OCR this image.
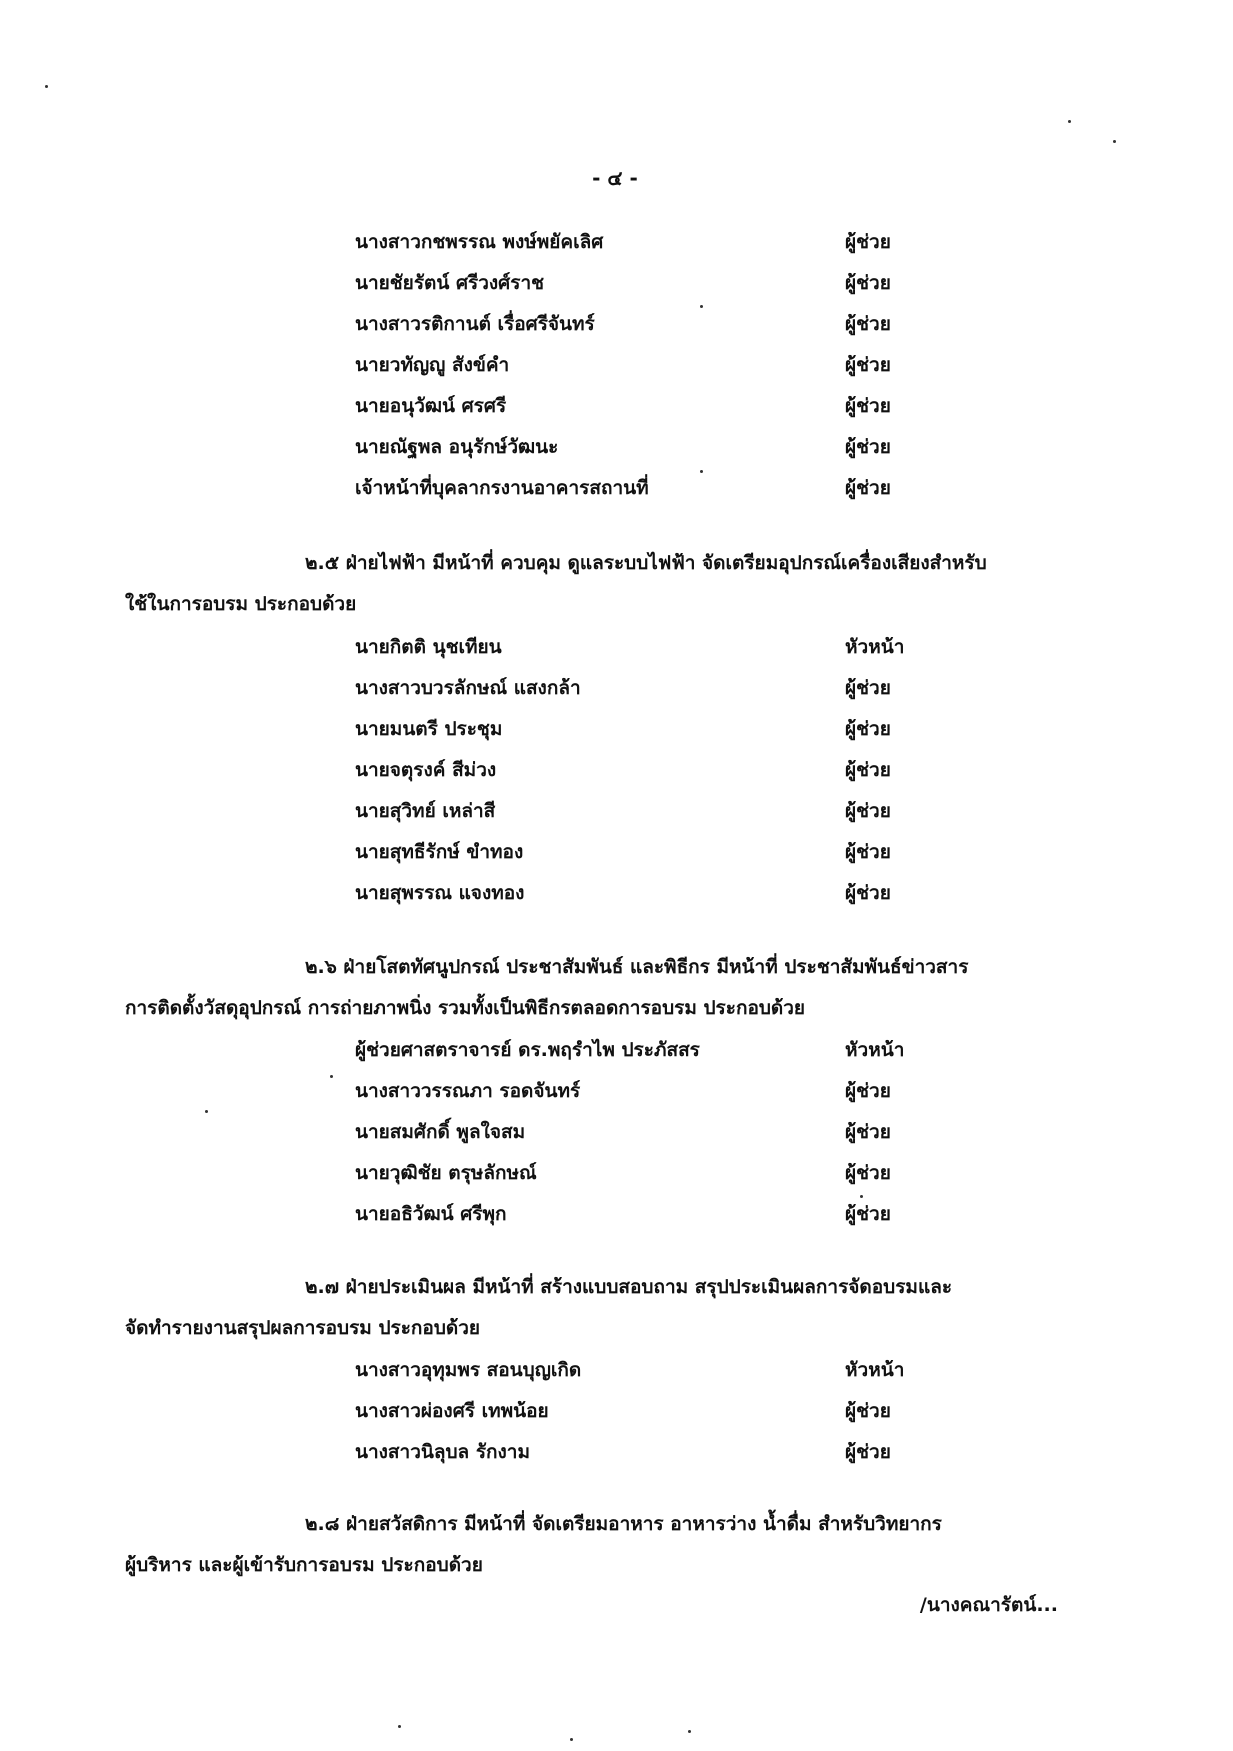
- ๔ -
นางสาวกชพรรณ พงษ์พยัคเลิศ	ผู้ช่วย
นายชัยรัตน์ ศรีวงศ์ราช	ผู้ช่วย
นางสาวรติกานต์ เรื่อศรีจันทร์	ผู้ช่วย
นายวทัญญู สังข์คำ	ผู้ช่วย
นายอนุวัฒน์ ศรศรี	ผู้ช่วย
นายณัฐพล อนุรักษ์วัฒนะ	ผู้ช่วย
เจ้าหน้าที่บุคลากรงานอาคารสถานที่	ผู้ช่วย
๒.๕ ฝ่ายไฟฟ้า มีหน้าที่ ควบคุม ดูแลระบบไฟฟ้า จัดเตรียมอุปกรณ์เครื่องเสียงสำหรับ
ใช้ในการอบรม ประกอบด้วย
นายกิตติ นุชเทียน	หัวหน้า
นางสาวบวรลักษณ์ แสงกล้า	ผู้ช่วย
นายมนตรี ประชุม	ผู้ช่วย
นายจตุรงค์ สีม่วง	ผู้ช่วย
นายสุวิทย์ เหล่าสี	ผู้ช่วย
นายสุทธีรักษ์ ขำทอง	ผู้ช่วย
นายสุพรรณ แจงทอง	ผู้ช่วย
๒.๖ ฝ่ายโสตทัศนูปกรณ์ ประชาสัมพันธ์ และพิธีกร มีหน้าที่ ประชาสัมพันธ์ข่าวสาร
การติดตั้งวัสดุอุปกรณ์ การถ่ายภาพนิ่ง รวมทั้งเป็นพิธีกรตลอดการอบรม ประกอบด้วย
ผู้ช่วยศาสตราจารย์ ดร.พฤรำไพ ประภัสสร	หัวหน้า
นางสาววรรณภา รอดจันทร์	ผู้ช่วย
นายสมศักดิ์ พูลใจสม	ผู้ช่วย
นายวุฒิชัย ตรุษลักษณ์	ผู้ช่วย
นายอธิวัฒน์ ศรีพุก	ผู้ช่วย
๒.๗ ฝ่ายประเมินผล มีหน้าที่ สร้างแบบสอบถาม สรุปประเมินผลการจัดอบรมและ
จัดทำรายงานสรุปผลการอบรม ประกอบด้วย
นางสาวอุทุมพร สอนบุญเกิด	หัวหน้า
นางสาวผ่องศรี เทพน้อย	ผู้ช่วย
นางสาวนิลุบล รักงาม	ผู้ช่วย
๒.๘ ฝ่ายสวัสดิการ มีหน้าที่ จัดเตรียมอาหาร อาหารว่าง น้ำดื่ม สำหรับวิทยากร
ผู้บริหาร และผู้เข้ารับการอบรม ประกอบด้วย
/นางคณารัตน์...
